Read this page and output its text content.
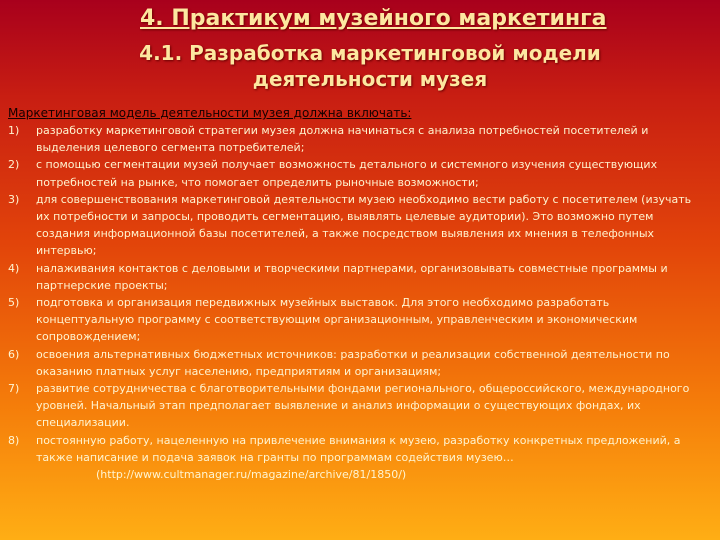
4. Практикум музейного маркетинга
4.1. Разработка маркетинговой модели
деятельности музея
Маркетинговая модель деятельности музея должна включать:
1)	разработку маркетинговой стратегии музея должна начинаться с анализа потребностей посетителей и выделения целевого сегмента потребителей;
2)	с помощью сегментации музей получает возможность детального и системного изучения существующих потребностей на рынке, что помогает определить рыночные возможности;
3)	для совершенствования маркетинговой деятельности музею необходимо вести работу с посетителем (изучать их потребности и запросы, проводить сегментацию, выявлять целевые аудитории). Это возможно путем создания информационной базы посетителей, а также посредством выявления их мнения в телефонных интервью;
4)	налаживания контактов с деловыми и творческими партнерами, организовывать совместные программы и партнерские проекты;
5)	подготовка и организация передвижных музейных выставок. Для этого необходимо разработать концептуальную программу с соответствующим организационным, управленческим и экономическим сопровождением;
6)	освоения альтернативных бюджетных источников: разработки и реализации собственной деятельности по оказанию платных услуг населению, предприятиям и организациям;
7)	развитие сотрудничества с благотворительными фондами регионального, общероссийского, международного уровней. Начальный этап предполагает выявление и анализ информации о существующих фондах, их специализации.
8)	постоянную работу, нацеленную на привлечение внимания к музею, разработку конкретных предложений, а также написание и подача заявок на гранты по программам содействия музею…(http://www.cultmanager.ru/magazine/archive/81/1850/)
